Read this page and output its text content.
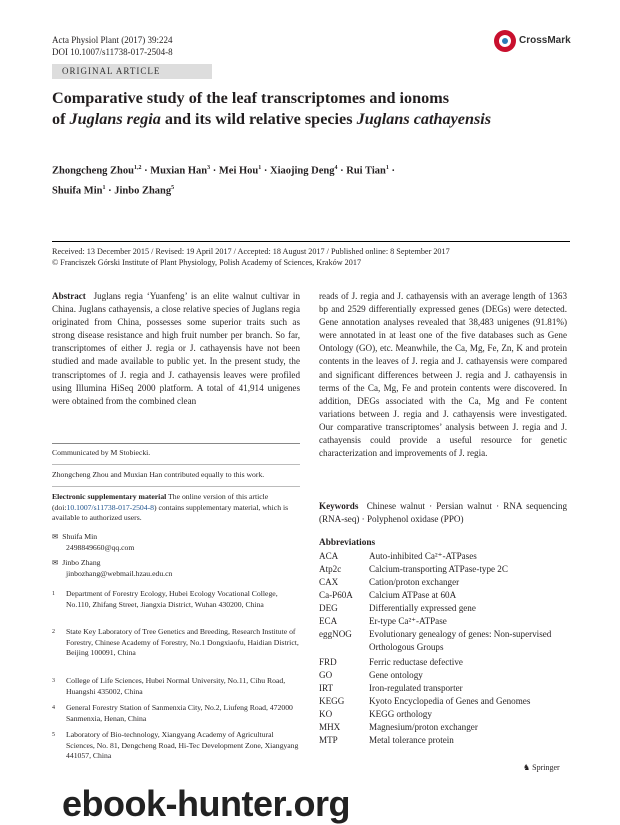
Acta Physiol Plant (2017) 39:224
DOI 10.1007/s11738-017-2504-8
CrossMark
ORIGINAL ARTICLE
Comparative study of the leaf transcriptomes and ionoms
of Juglans regia and its wild relative species Juglans cathayensis
Zhongcheng Zhou$^{1,2}$ · Muxian Han$^3$ · Mei Hou$^1$ · Xiaojing Deng$^4$ · Rui Tian$^1$ ·
Shuifa Min$^1$ · Jinbo Zhang$^5$
Received: 13 December 2015 / Revised: 19 April 2017 / Accepted: 18 August 2017 / Published online: 8 September 2017
© Franciszek Górski Institute of Plant Physiology, Polish Academy of Sciences, Kraków 2017
Abstract Juglans regia ‘Yuanfeng’ is an elite walnut cultivar in China. Juglans cathayensis, a close relative species of Juglans regia originated from China, possesses some superior traits such as strong disease resistance and high fruit number per branch. So far, transcriptomes of either J. regia or J. cathayensis have not been studied and made available to public yet. In the present study, the transcriptomes of J. regia and J. cathayensis leaves were profiled using Illumina HiSeq 2000 platform. A total of 41,914 unigenes were obtained from the combined clean
Communicated by M Stobiecki.
Zhongcheng Zhou and Muxian Han contributed equally to this work.
Electronic supplementary material The online version of this article (doi:10.1007/s11738-017-2504-8) contains supplementary material, which is available to authorized users.
✉ Shuifa Min
2498849660@qq.com
✉ Jinbo Zhang
jinbozhang@webmail.hzau.edu.cn
1 Department of Forestry Ecology, Hubei Ecology Vocational College, No.110, Zhifang Street, Jiangxia District, Wuhan 430200, China
2 State Key Laboratory of Tree Genetics and Breeding, Research Institute of Forestry, Chinese Academy of Forestry, No.1 Dongxiaofu, Haidian District, Beijing 100091, China
3 College of Life Sciences, Hubei Normal University, No.11, Cihu Road, Huangshi 435002, China
4 General Forestry Station of Sanmenxia City, No.2, Liufeng Road, 472000 Sanmenxia, Henan, China
5 Laboratory of Bio-technology, Xiangyang Academy of Agricultural Sciences, No. 81, Dengcheng Road, Hi-Tec Development Zone, Xiangyang 441057, China
reads of J. regia and J. cathayensis with an average length of 1363 bp and 2529 differentially expressed genes (DEGs) were detected. Gene annotation analyses revealed that 38,483 unigenes (91.81%) were annotated in at least one of the five databases such as Gene Ontology (GO), etc. Meanwhile, the Ca, Mg, Fe, Zn, K and protein contents in the leaves of J. regia and J. cathayensis were compared and significant differences between J. regia and J. cathayensis in terms of the Ca, Mg, Fe and protein contents were discovered. In addition, DEGs associated with the Ca, Mg and Fe content variations between J. regia and J. cathayensis were investigated. Our comparative transcriptomes’ analysis between J. regia and J. cathayensis could provide a useful resource for genetic characterization and improvements of J. regia.
Keywords Chinese walnut · Persian walnut · RNA sequencing (RNA-seq) · Polyphenol oxidase (PPO)
Abbreviations
ACA	Auto-inhibited Ca²⁺-ATPases
Atp2c	Calcium-transporting ATPase-type 2C
CAX	Cation/proton exchanger
Ca-P60A Calcium ATPase at 60A
DEG	Differentially expressed gene
ECA	Er-type Ca²⁺-ATPase
eggNOG Evolutionary genealogy of genes: Non-supervised Orthologous Groups
FRD	Ferric reductase defective
GO	Gene ontology
IRT	Iron-regulated transporter
KEGG	Kyoto Encyclopedia of Genes and Genomes
KO	KEGG orthology
MHX	Magnesium/proton exchanger
MTP	Metal tolerance protein
♞ Springer
ebook-hunter.org
